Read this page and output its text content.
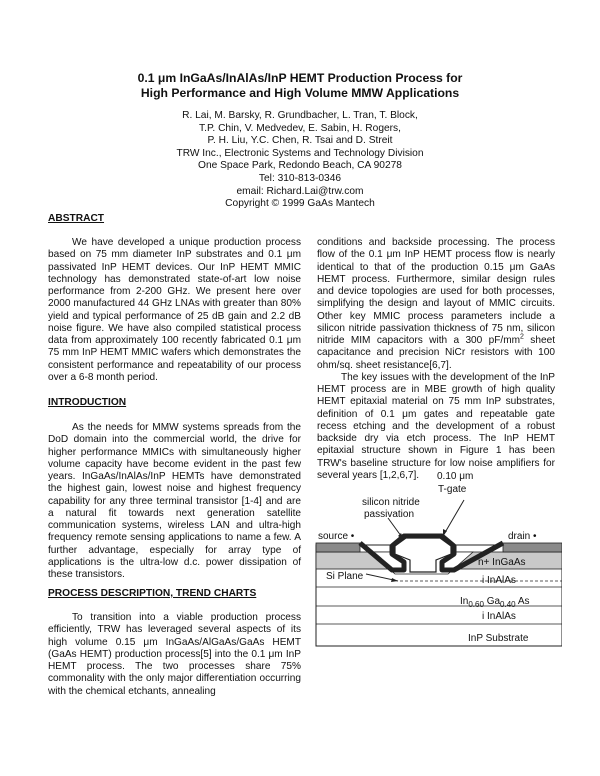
0.1 μm InGaAs/InAlAs/InP HEMT Production Process for
High Performance and High Volume MMW Applications
R. Lai, M. Barsky, R. Grundbacher, L. Tran, T. Block,
T.P. Chin, V. Medvedev, E. Sabin, H. Rogers,
P. H. Liu, Y.C. Chen, R. Tsai and D. Streit
TRW Inc., Electronic Systems and Technology Division
One Space Park, Redondo Beach, CA 90278
Tel: 310-813-0346
email: Richard.Lai@trw.com
Copyright © 1999 GaAs Mantech
ABSTRACT

We have developed a unique production process based on 75 mm diameter InP substrates and 0.1 μm passivated InP HEMT devices. Our InP HEMT MMIC technology has demonstrated state-of-art low noise performance from 2-200 GHz. We present here over 2000 manufactured 44 GHz LNAs with greater than 80% yield and typical performance of 25 dB gain and 2.2 dB noise figure. We have also compiled statistical process data from approximately 100 recently fabricated 0.1 μm 75 mm InP HEMT MMIC wafers which demonstrates the consistent performance and repeatability of our process over a 6-8 month period.

INTRODUCTION

As the needs for MMW systems spreads from the DoD domain into the commercial world, the drive for higher performance MMICs with simultaneously higher volume capacity have become evident in the past few years. InGaAs/InAlAs/InP HEMTs have demonstrated the highest gain, lowest noise and highest frequency capability for any three terminal transistor [1-4] and are a natural fit towards next generation satellite communication systems, wireless LAN and ultra-high frequency remote sensing applications to name a few. A further advantage, especially for array type of applications is the ultra-low d.c. power dissipation of these transistors.

PROCESS DESCRIPTION, TREND CHARTS

To transition into a viable production process efficiently, TRW has leveraged several aspects of its high volume 0.15 μm InGaAs/AlGaAs/GaAs HEMT (GaAs HEMT) production process[5] into the 0.1 μm InP HEMT process. The two processes share 75% commonality with the only major differentiation occurring with the chemical etchants, annealing

conditions and backside processing. The process flow of the 0.1 μm InP HEMT process flow is nearly identical to that of the production 0.15 μm GaAs HEMT process. Furthermore, similar design rules and device topologies are used for both processes, simplifying the design and layout of MMIC circuits. Other key MMIC process parameters include a silicon nitride passivation thickness of 75 nm, silicon nitride MIM capacitors with a 300 $pF/mm^2$ sheet capacitance and precision NiCr resistors with 100 ohm/sq. sheet resistance[6,7].

The key issues with the development of the InP HEMT process are in MBE growth of high quality HEMT epitaxial material on 75 mm InP substrates, definition of 0.1 μm gates and repeatable gate recess etching and the development of a robust backside dry via etch process. The InP HEMT epitaxial structure shown in Figure 1 has been TRW's baseline structure for low noise amplifiers for several years [1,2,6,7].	0.10 μm
T-gate
silicon nitride
passivation
source •	drain •
Si Plane
n+ InGaAs
i InAlAs
$In_{0.60}$ $Ga_{0.40}$ As
i InAlAs
InP Substrate
